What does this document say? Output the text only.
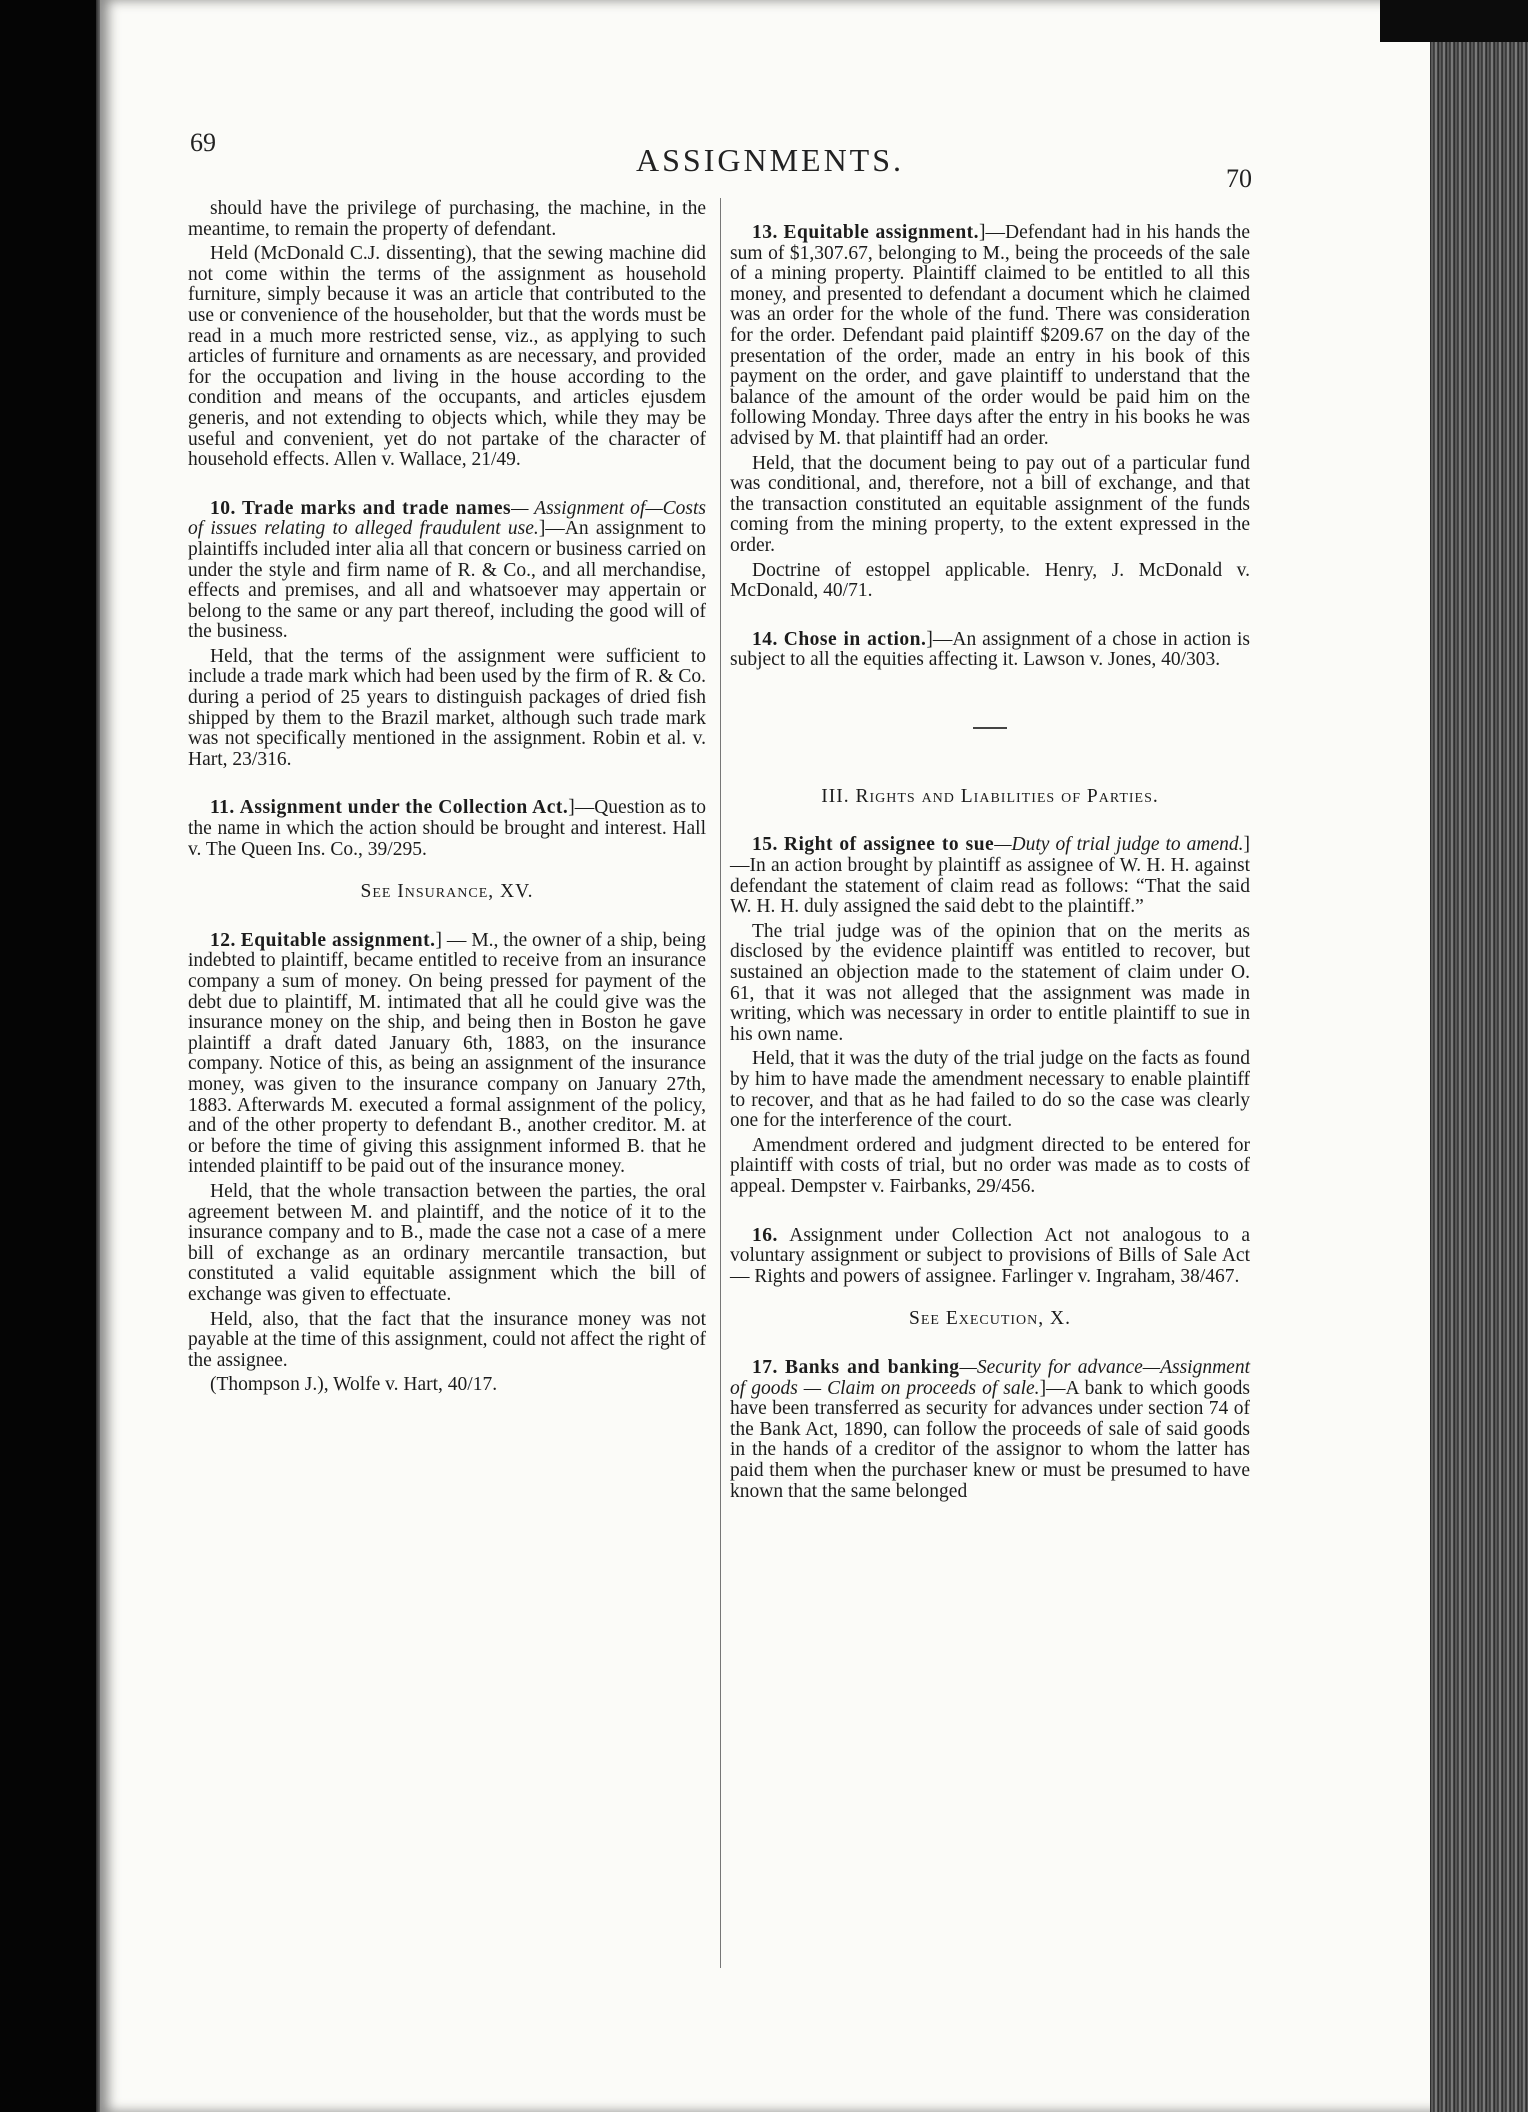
69	ASSIGNMENTS.
70

should have the privilege of purchasing, the machine, in the meantime, to remain the property of defendant.

Held (McDonald C.J. dissenting), that the sewing machine did not come within the terms of the assignment as household furniture, simply because it was an article that contributed to the use or convenience of the householder, but that the words must be read in a much more restricted sense, viz., as applying to such articles of furniture and ornaments as are necessary, and provided for the occupation and living in the house according to the condition and means of the occupants, and articles ejusdem generis, and not extending to objects which, while they may be useful and convenient, yet do not partake of the character of household effects. Allen v. Wallace, 21/49.

10. Trade marks and trade names— Assignment of—Costs of issues relating to alleged fraudulent use.]—An assignment to plaintiffs included inter alia all that concern or business carried on under the style and firm name of R. & Co., and all merchandise, effects and premises, and all and whatsoever may appertain or belong to the same or any part thereof, including the good will of the business.

Held, that the terms of the assignment were sufficient to include a trade mark which had been used by the firm of R. & Co. during a period of 25 years to distinguish packages of dried fish shipped by them to the Brazil market, although such trade mark was not specifically mentioned in the assignment. Robin et al. v. Hart, 23/316.

11. Assignment under the Collection Act.]—Question as to the name in which the action should be brought and interest. Hall v. The Queen Ins. Co., 39/295.

See Insurance, XV.

12. Equitable assignment.] — M., the owner of a ship, being indebted to plaintiff, became entitled to receive from an insurance company a sum of money. On being pressed for payment of the debt due to plaintiff, M. intimated that all he could give was the insurance money on the ship, and being then in Boston he gave plaintiff a draft dated January 6th, 1883, on the insurance company. Notice of this, as being an assignment of the insurance money, was given to the insurance company on January 27th, 1883. Afterwards M. executed a formal assignment of the policy, and of the other property to defendant B., another creditor. M. at or before the time of giving this assignment informed B. that he intended plaintiff to be paid out of the insurance money.

Held, that the whole transaction between the parties, the oral agreement between M. and plaintiff, and the notice of it to the insurance company and to B., made the case not a case of a mere bill of exchange as an ordinary mercantile transaction, but constituted a valid equitable assignment which the bill of exchange was given to effectuate.

Held, also, that the fact that the insurance money was not payable at the time of this assignment, could not affect the right of the assignee.

(Thompson J.), Wolfe v. Hart, 40/17.

13. Equitable assignment.]—Defendant had in his hands the sum of $1,307.67, belonging to M., being the proceeds of the sale of a mining property. Plaintiff claimed to be entitled to all this money, and presented to defendant a document which he claimed was an order for the whole of the fund. There was consideration for the order. Defendant paid plaintiff $209.67 on the day of the presentation of the order, made an entry in his book of this payment on the order, and gave plaintiff to understand that the balance of the amount of the order would be paid him on the following Monday. Three days after the entry in his books he was advised by M. that plaintiff had an order.

Held, that the document being to pay out of a particular fund was conditional, and, therefore, not a bill of exchange, and that the transaction constituted an equitable assignment of the funds coming from the mining property, to the extent expressed in the order.

Doctrine of estoppel applicable. Henry, J. McDonald v. McDonald, 40/71.

14. Chose in action.]—An assignment of a chose in action is subject to all the equities affecting it. Lawson v. Jones, 40/303.

III. Rights and Liabilities of Parties.

15. Right of assignee to sue—Duty of trial judge to amend.]—In an action brought by plaintiff as assignee of W. H. H. against defendant the statement of claim read as follows: “That the said W. H. H. duly assigned the said debt to the plaintiff.”

The trial judge was of the opinion that on the merits as disclosed by the evidence plaintiff was entitled to recover, but sustained an objection made to the statement of claim under O. 61, that it was not alleged that the assignment was made in writing, which was necessary in order to entitle plaintiff to sue in his own name.

Held, that it was the duty of the trial judge on the facts as found by him to have made the amendment necessary to enable plaintiff to recover, and that as he had failed to do so the case was clearly one for the interference of the court.

Amendment ordered and judgment directed to be entered for plaintiff with costs of trial, but no order was made as to costs of appeal. Dempster v. Fairbanks, 29/456.

16. Assignment under Collection Act not analogous to a voluntary assignment or subject to provisions of Bills of Sale Act — Rights and powers of assignee. Farlinger v. Ingraham, 38/467.

See Execution, X.

17. Banks and banking—Security for advance—Assignment of goods — Claim on proceeds of sale.]—A bank to which goods have been transferred as security for advances under section 74 of the Bank Act, 1890, can follow the proceeds of sale of said goods in the hands of a creditor of the assignor to whom the latter has paid them when the purchaser knew or must be presumed to have known that the same belonged
